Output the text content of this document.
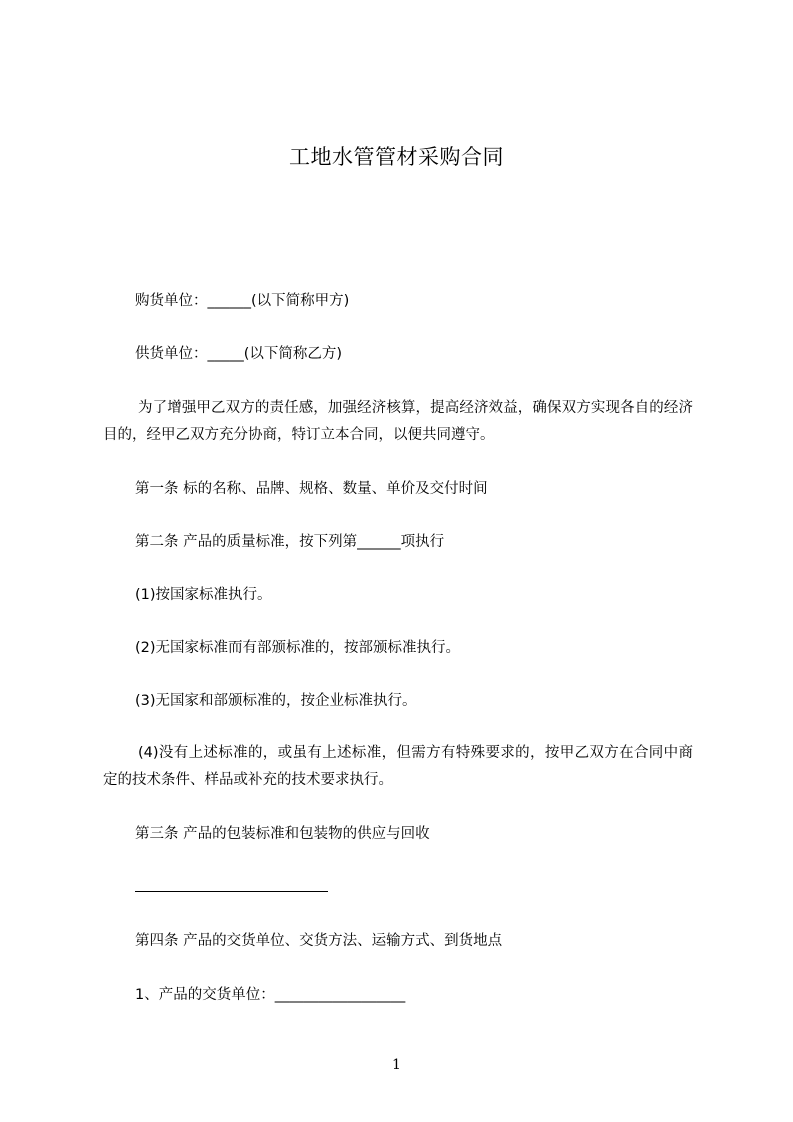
工地水管管材采购合同
购货单位：______(以下简称甲方)
供货单位：_____(以下简称乙方)
为了增强甲乙双方的责任感，加强经济核算，提高经济效益，确保双方实现各自的经济目的，经甲乙双方充分协商，特订立本合同，以便共同遵守。
第一条 标的名称、品牌、规格、数量、单价及交付时间
第二条 产品的质量标准，按下列第______项执行
(1)按国家标准执行。
(2)无国家标准而有部颁标准的，按部颁标准执行。
(3)无国家和部颁标准的，按企业标准执行。
(4)没有上述标准的，或虽有上述标准，但需方有特殊要求的，按甲乙双方在合同中商定的技术条件、样品或补充的技术要求执行。
第三条 产品的包装标准和包装物的供应与回收
第四条 产品的交货单位、交货方法、运输方式、到货地点
1、产品的交货单位：__________________
1
